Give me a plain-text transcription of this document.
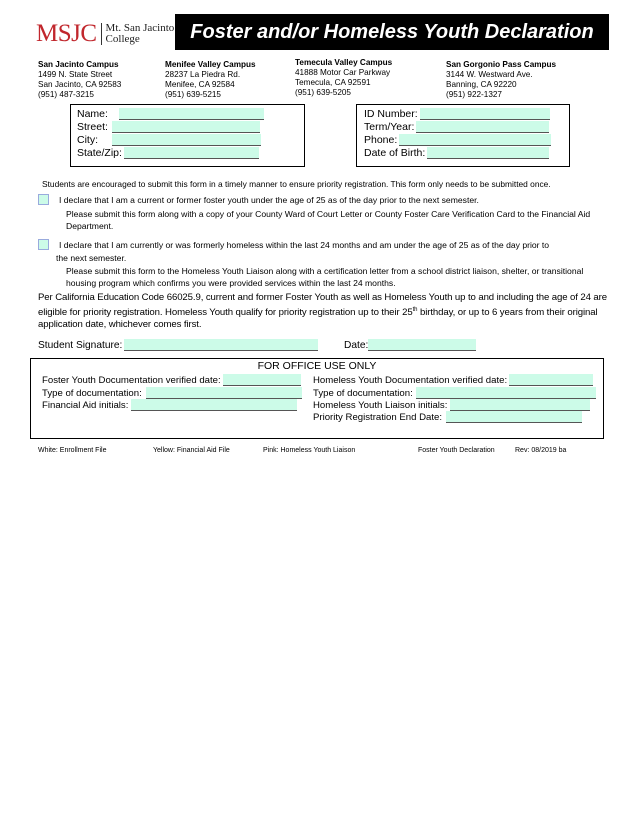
MSJC Mt. San Jacinto
College	Foster and/or Homeless Youth Declaration
San Jacinto Campus
1499 N. State Street
San Jacinto, CA 92583
(951) 487-3215
Menifee Valley Campus
28237 La Piedra Rd.
Menifee, CA 92584
(951) 639-5215
Temecula Valley Campus
41888 Motor Car Parkway
Temecula, CA 92591
(951) 639-5205
San Gorgonio Pass Campus
3144 W. Westward Ave.
Banning, CA 92220
(951) 922-1327
Name:
Street:
City:
State/Zip:
ID Number:
Term/Year:
Phone:
Date of Birth:
Students are encouraged to submit this form in a timely manner to ensure priority registration. This form only needs to be submitted once.
I declare that I am a current or former foster youth under the age of 25 as of the day prior to the next semester.
Please submit this form along with a copy of your County Ward of Court Letter or County Foster Care Verification Card to the Financial Aid Department.
I declare that I am currently or was formerly homeless within the last 24 months and am under the age of 25 as of the day prior to
the next semester.
Please submit this form to the Homeless Youth Liaison along with a certification letter from a school district liaison, shelter, or transitional housing program which confirms you were provided services within the last 24 months.
Per California Education Code 66025.9, current and former Foster Youth as well as Homeless Youth up to and including the age of 24 are eligible for priority registration. Homeless Youth qualify for priority registration up to their 25th birthday, or up to 6 years from their original application date, whichever comes first.
Student Signature:	Date:
FOR OFFICE USE ONLY
Foster Youth Documentation verified date:
Type of documentation:
Financial Aid initials:
Homeless Youth Documentation verified date:
Type of documentation:
Homeless Youth Liaison initials:
Priority Registration End Date:
White: Enrollment File	Yellow: Financial Aid File	Pink: Homeless Youth Liaison	Foster Youth Declaration	Rev: 08/2019 ba
